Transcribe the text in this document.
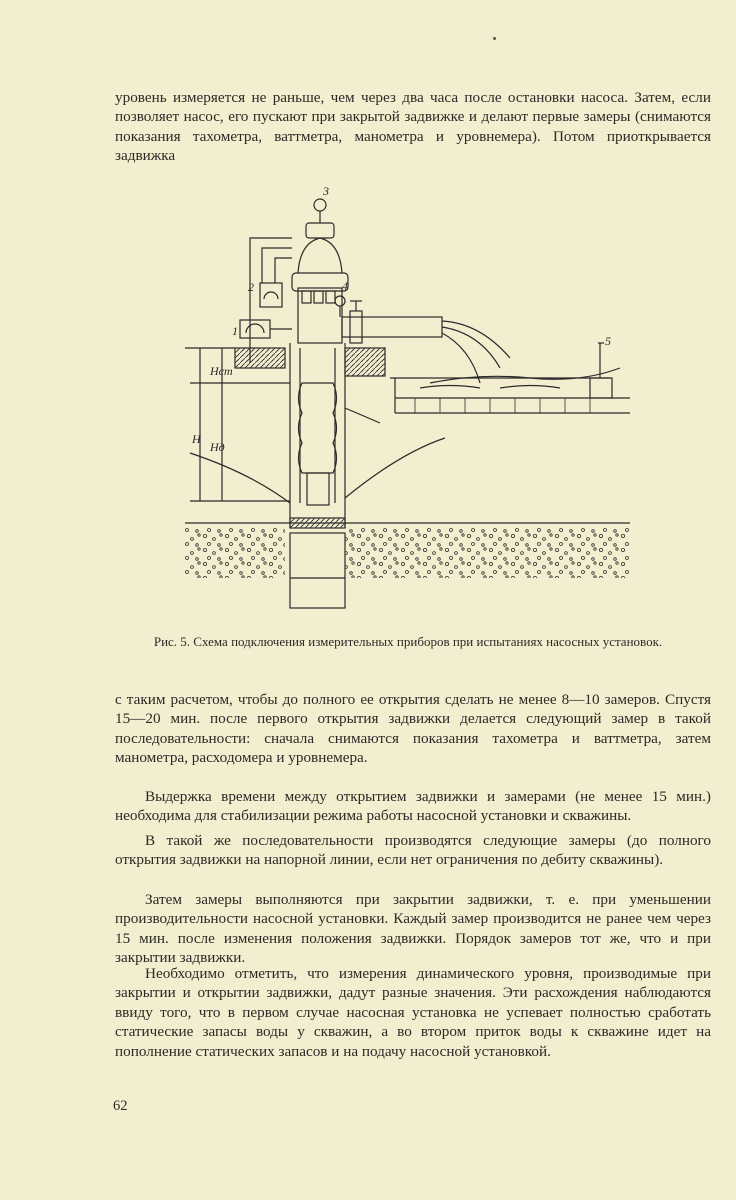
уровень измеряется не раньше, чем через два часа после остановки насоса. Затем, если позволяет насос, его пускают при закрытой задвижке и делают первые замеры (снимаются показания тахометра, ваттметра, манометра и уровнемера). Потом приоткрывается задвижка

3
2	4
1
5
H
Hст
Hд

Рис. 5. Схема подключения измерительных приборов при испытаниях насосных установок.

с таким расчетом, чтобы до полного ее открытия сделать не менее 8—10 замеров. Спустя 15—20 мин. после первого открытия задвижки делается следующий замер в такой последовательности: сначала снимаются показания тахометра и ваттметра, затем манометра, расходомера и уровнемера.

Выдержка времени между открытием задвижки и замерами (не менее 15 мин.) необходима для стабилизации режима работы насосной установки и скважины.

В такой же последовательности производятся следующие замеры (до полного открытия задвижки на напорной линии, если нет ограничения по дебиту скважины).

Затем замеры выполняются при закрытии задвижки, т. е. при уменьшении производительности насосной установки. Каждый замер производится не ранее чем через 15 мин. после изменения положения задвижки. Порядок замеров тот же, что и при закрытии задвижки.

Необходимо отметить, что измерения динамического уровня, производимые при закрытии и открытии задвижки, дадут разные значения. Эти расхождения наблюдаются ввиду того, что в первом случае насосная установка не успевает полностью сработать статические запасы воды у скважин, а во втором приток воды к скважине идет на пополнение статических запасов и на подачу насосной установкой.

62
